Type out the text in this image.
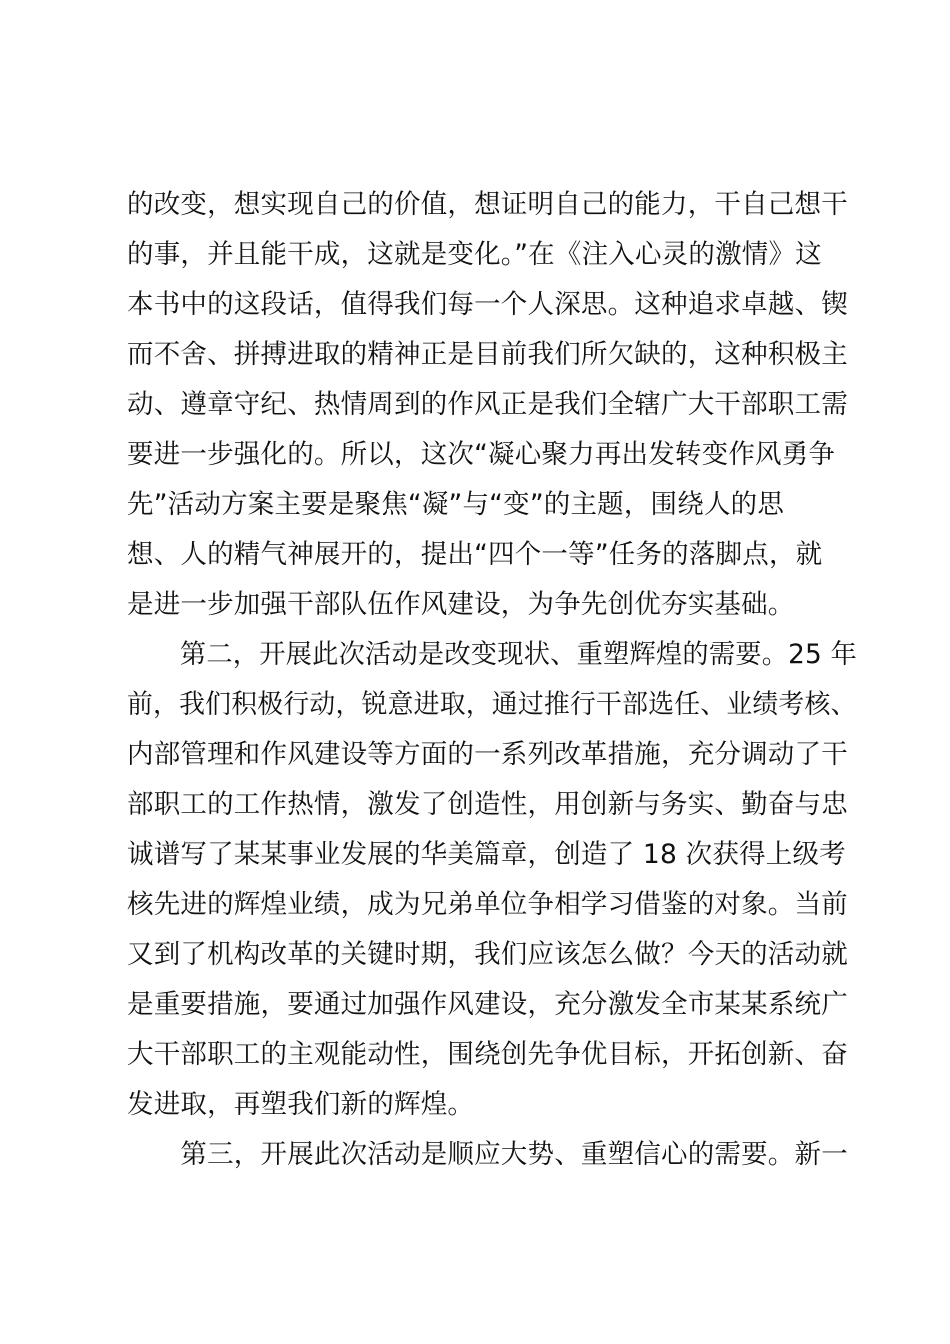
的改变，想实现自己的价值，想证明自己的能力，干自己想干
的事，并且能干成，这就是变化。”在《注入心灵的激情》这
本书中的这段话，值得我们每一个人深思。这种追求卓越、锲
而不舍、拼搏进取的精神正是目前我们所欠缺的，这种积极主
动、遵章守纪、热情周到的作风正是我们全辖广大干部职工需
要进一步强化的。所以，这次“凝心聚力再出发转变作风勇争
先”活动方案主要是聚焦“凝”与“变”的主题，围绕人的思
想、人的精气神展开的，提出“四个一等”任务的落脚点，就
是进一步加强干部队伍作风建设，为争先创优夯实基础。
　　第二，开展此次活动是改变现状、重塑辉煌的需要。25 年
前，我们积极行动，锐意进取，通过推行干部选任、业绩考核、
内部管理和作风建设等方面的一系列改革措施，充分调动了干
部职工的工作热情，激发了创造性，用创新与务实、勤奋与忠
诚谱写了某某事业发展的华美篇章，创造了 18 次获得上级考
核先进的辉煌业绩，成为兄弟单位争相学习借鉴的对象。当前
又到了机构改革的关键时期，我们应该怎么做？今天的活动就
是重要措施，要通过加强作风建设，充分激发全市某某系统广
大干部职工的主观能动性，围绕创先争优目标，开拓创新、奋
发进取，再塑我们新的辉煌。
　　第三，开展此次活动是顺应大势、重塑信心的需要。新一
